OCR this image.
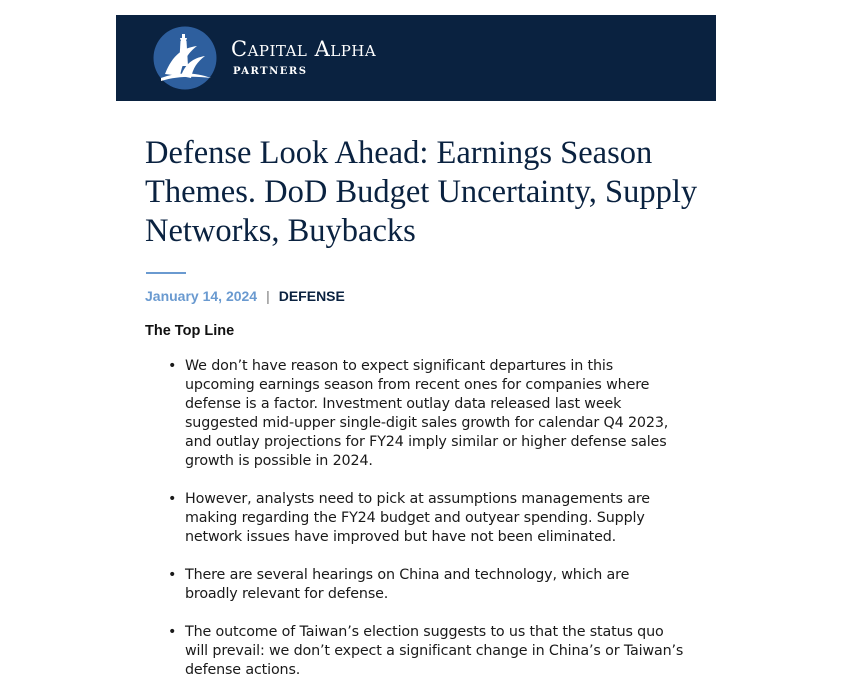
Capital Alpha
PARTNERS
Defense Look Ahead: Earnings Season Themes. DoD Budget Uncertainty, Supply Networks, Buybacks
January 14, 2024 | DEFENSE
The Top Line
• We don’t have reason to expect significant departures in this upcoming earnings season from recent ones for companies where defense is a factor. Investment outlay data released last week suggested mid-upper single-digit sales growth for calendar Q4 2023, and outlay projections for FY24 imply similar or higher defense sales growth is possible in 2024.
• However, analysts need to pick at assumptions managements are making regarding the FY24 budget and outyear spending. Supply network issues have improved but have not been eliminated.
• There are several hearings on China and technology, which are broadly relevant for defense.
• The outcome of Taiwan’s election suggests to us that the status quo will prevail: we don’t expect a significant change in China’s or Taiwan’s defense actions.
